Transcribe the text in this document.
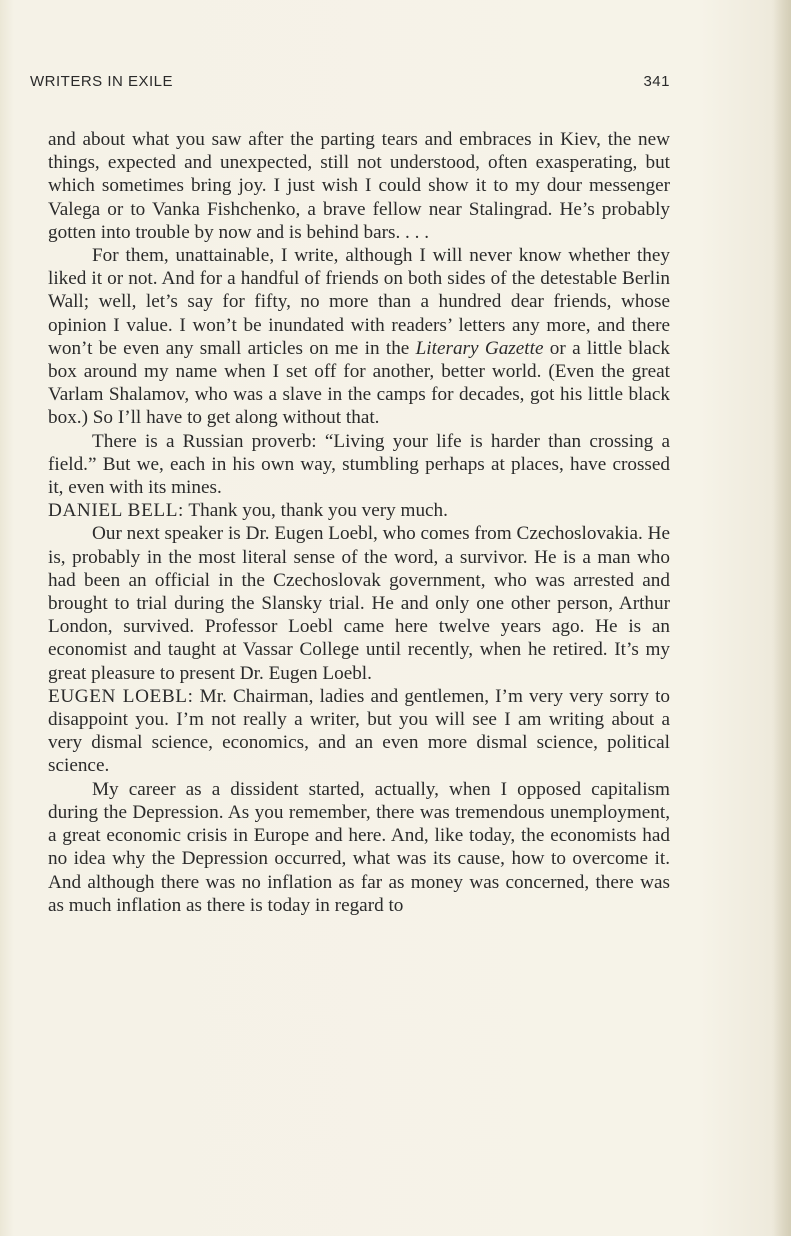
WRITERS IN EXILE	341

and about what you saw after the parting tears and embraces in Kiev, the new things, expected and unexpected, still not understood, often exasperating, but which sometimes bring joy. I just wish I could show it to my dour messenger Valega or to Vanka Fishchenko, a brave fellow near Stalingrad. He’s probably gotten into trouble by now and is behind bars. . . .

For them, unattainable, I write, although I will never know whether they liked it or not. And for a handful of friends on both sides of the detestable Berlin Wall; well, let’s say for fifty, no more than a hundred dear friends, whose opinion I value. I won’t be inundated with readers’ letters any more, and there won’t be even any small articles on me in the Literary Gazette or a little black box around my name when I set off for another, better world. (Even the great Varlam Shalamov, who was a slave in the camps for decades, got his little black box.) So I’ll have to get along without that.

There is a Russian proverb: “Living your life is harder than crossing a field.” But we, each in his own way, stumbling perhaps at places, have crossed it, even with its mines.

DANIEL BELL: Thank you, thank you very much.

Our next speaker is Dr. Eugen Loebl, who comes from Czechoslovakia. He is, probably in the most literal sense of the word, a survivor. He is a man who had been an official in the Czechoslovak government, who was arrested and brought to trial during the Slansky trial. He and only one other person, Arthur London, survived. Professor Loebl came here twelve years ago. He is an economist and taught at Vassar College until recently, when he retired. It’s my great pleasure to present Dr. Eugen Loebl.

EUGEN LOEBL: Mr. Chairman, ladies and gentlemen, I’m very very sorry to disappoint you. I’m not really a writer, but you will see I am writing about a very dismal science, economics, and an even more dismal science, political science.

My career as a dissident started, actually, when I opposed capitalism during the Depression. As you remember, there was tremendous unemployment, a great economic crisis in Europe and here. And, like today, the economists had no idea why the Depression occurred, what was its cause, how to overcome it. And although there was no inflation as far as money was concerned, there was as much inflation as there is today in regard to
